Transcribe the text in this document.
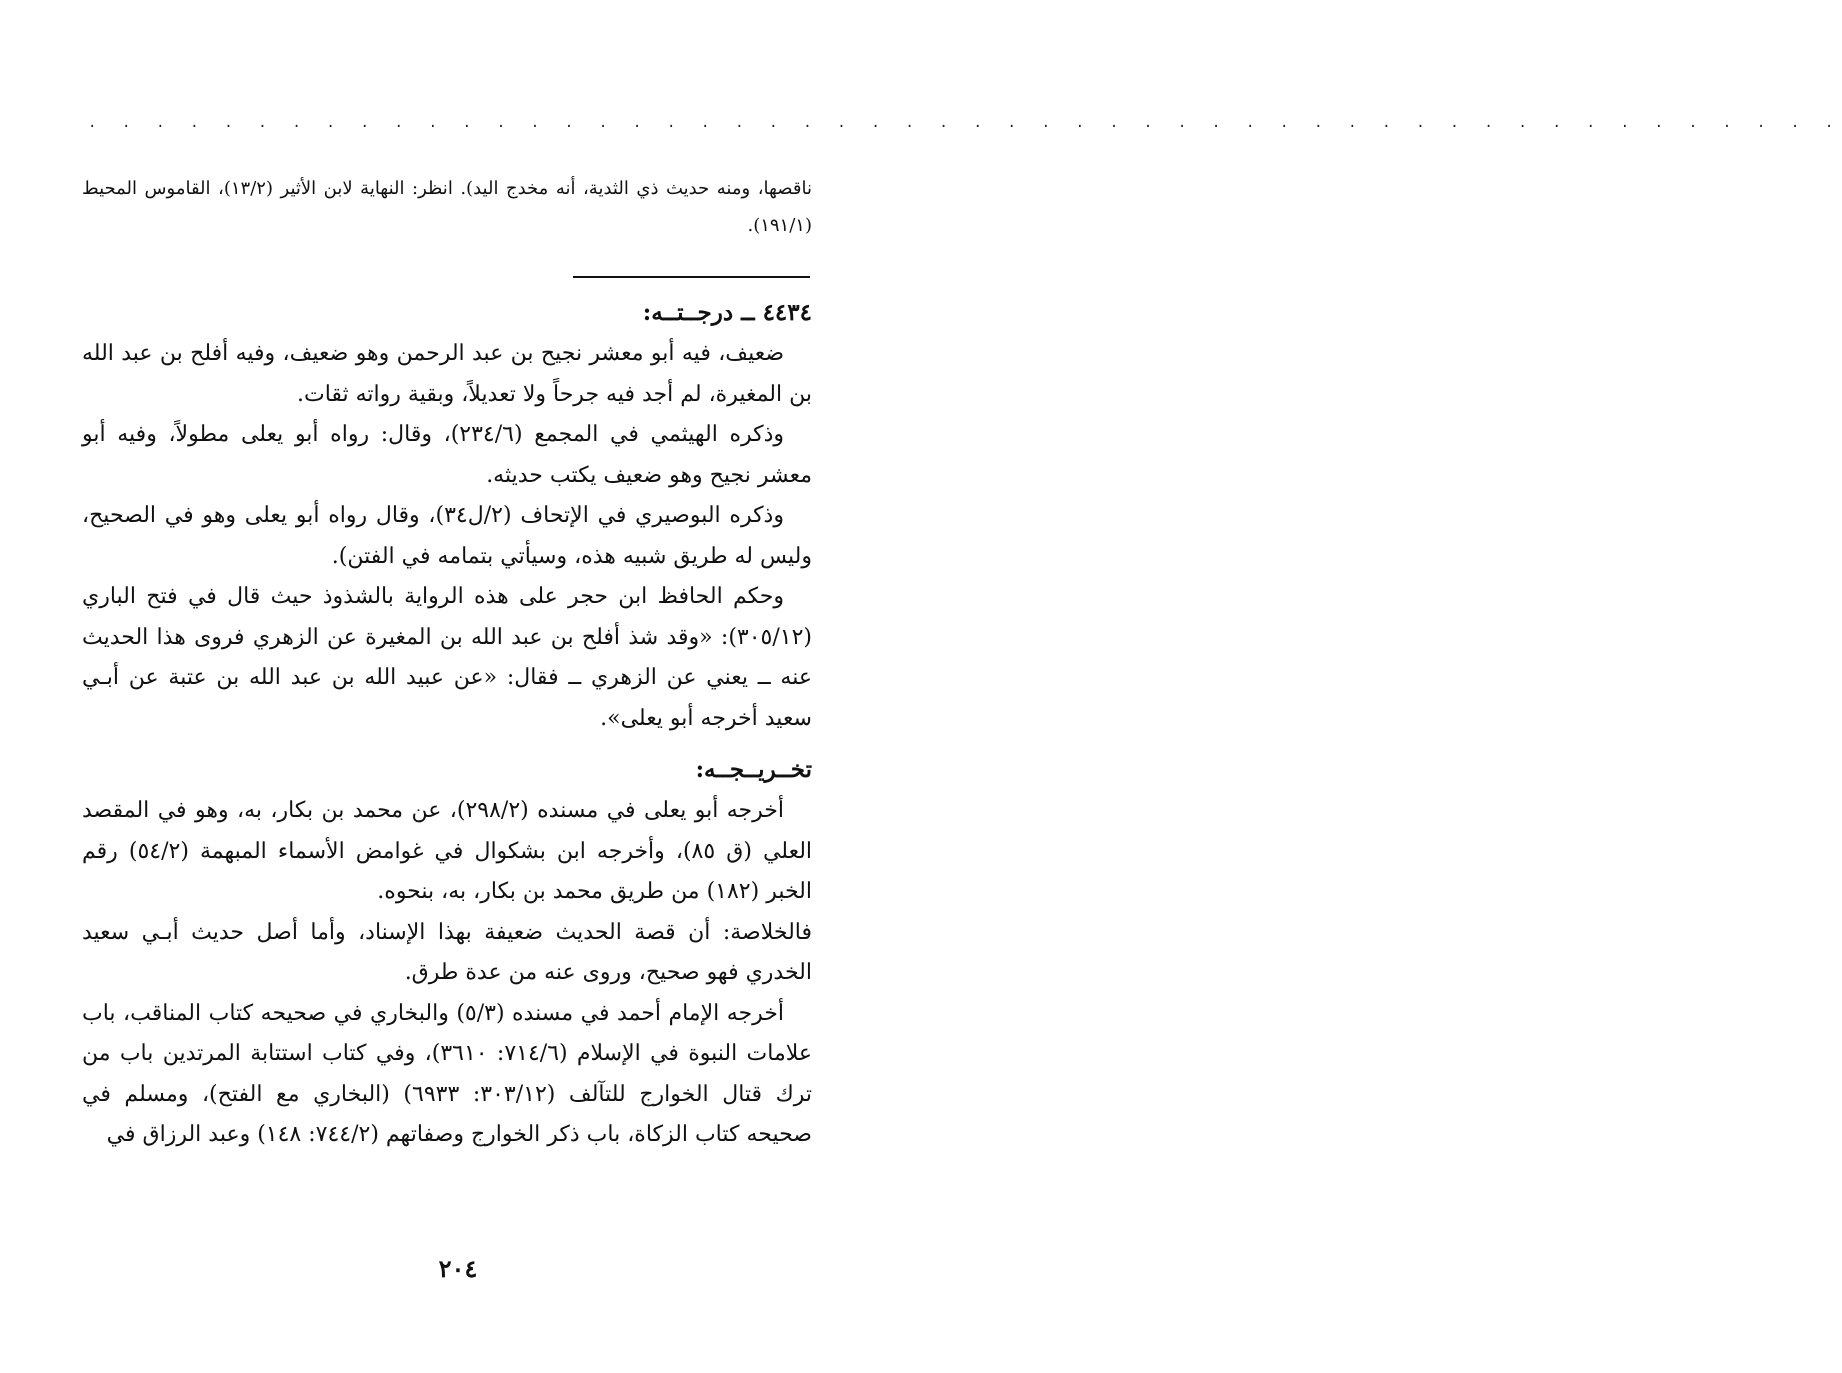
. . . . . . . . . . . . . . . . . . . . . . . . . . . . . . . . . . . . . . . . . . . . . . . . . . . .

ناقصها، ومنه حديث ذي الثدية، أنه مخدج اليد). انظر: النهاية لابن الأثير (١٣/٢)، القاموس المحيط (١٩١/١).

٤٤٣٤ ــ درجــتــه:

ضعيف، فيه أبو معشر نجيح بن عبد الرحمن وهو ضعيف، وفيه أفلح بن عبد الله بن المغيرة، لم أجد فيه جرحاً ولا تعديلاً، وبقية رواته ثقات.

وذكره الهيثمي في المجمع (٢٣٤/٦)، وقال: رواه أبو يعلى مطولاً، وفيه أبو معشر نجيح وهو ضعيف يكتب حديثه.

وذكره البوصيري في الإتحاف (٢/ل٣٤)، وقال رواه أبو يعلى وهو في الصحيح، وليس له طريق شبيه هذه، وسيأتي بتمامه في الفتن).

وحكم الحافظ ابن حجر على هذه الرواية بالشذوذ حيث قال في فتح الباري (٣٠٥/١٢): «وقد شذ أفلح بن عبد الله بن المغيرة عن الزهري فروى هذا الحديث عنه ــ يعني عن الزهري ــ فقال: «عن عبيد الله بن عبد الله بن عتبة عن أبـي سعيد أخرجه أبو يعلى».

تخــريــجــه:

أخرجه أبو يعلى في مسنده (٢٩٨/٢)، عن محمد بن بكار، به، وهو في المقصد العلي (ق ٨٥)، وأخرجه ابن بشكوال في غوامض الأسماء المبهمة (٥٤/٢) رقم الخبر (١٨٢) من طريق محمد بن بكار، به، بنحوه.

فالخلاصة: أن قصة الحديث ضعيفة بهذا الإسناد، وأما أصل حديث أبـي سعيد الخدري فهو صحيح، وروى عنه من عدة طرق.

أخرجه الإمام أحمد في مسنده (٥/٣) والبخاري في صحيحه كتاب المناقب، باب علامات النبوة في الإسلام (٧١٤/٦: ٣٦١٠)، وفي كتاب استتابة المرتدين باب من ترك قتال الخوارج للتآلف (٣٠٣/١٢: ٦٩٣٣) (البخاري مع الفتح)، ومسلم في صحيحه كتاب الزكاة، باب ذكر الخوارج وصفاتهم (٧٤٤/٢: ١٤٨) وعبد الرزاق في

٢٠٤
